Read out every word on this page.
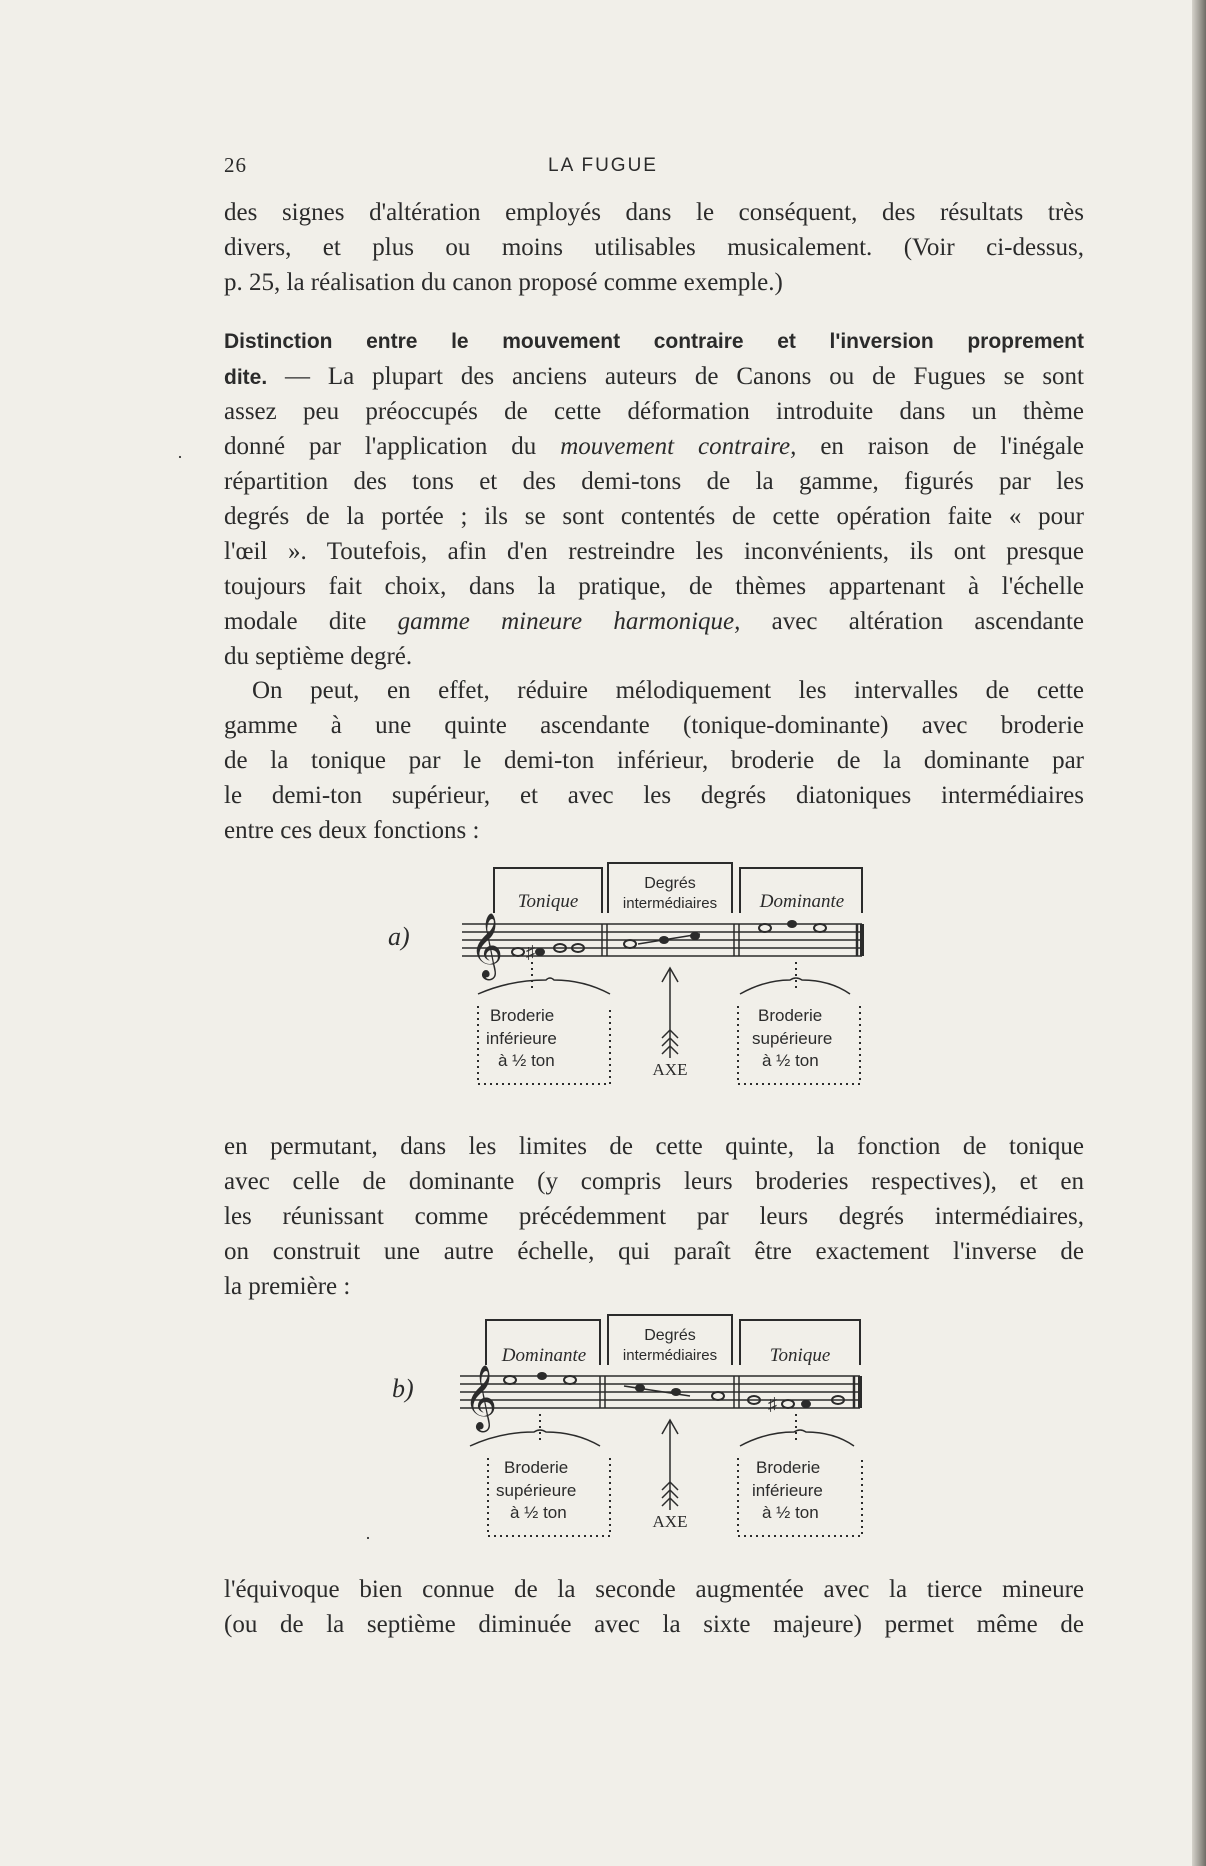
26	LA FUGUE
des signes d'altération employés dans le conséquent, des résultats très
divers, et plus ou moins utilisables musicalement. (Voir ci-dessus,
p. 25, la réalisation du canon proposé comme exemple.)
Distinction entre le mouvement contraire et l'inversion proprement
dite. — La plupart des anciens auteurs de Canons ou de Fugues se sont
assez peu préoccupés de cette déformation introduite dans un thème
· donné par l'application du mouvement contraire, en raison de l'inégale
répartition des tons et des demi-tons de la gamme, figurés par les
degrés de la portée ; ils se sont contentés de cette opération faite « pour
l'œil ». Toutefois, afin d'en restreindre les inconvénients, ils ont presque
toujours fait choix, dans la pratique, de thèmes appartenant à l'échelle
modale dite gamme mineure harmonique, avec altération ascendante
du septième degré.
On peut, en effet, réduire mélodiquement les intervalles de cette
gamme à une quinte ascendante (tonique-dominante) avec broderie
de la tonique par le demi-ton inférieur, broderie de la dominante par
le demi-ton supérieur, et avec les degrés diatoniques intermédiaires
entre ces deux fonctions :
a)
Tonique
Degrés
intermédiaires Dominante
𝄞 ♯
Broderie
inférieure
à ½ ton	AXE
Broderie
supérieure
à ½ ton
en permutant, dans les limites de cette quinte, la fonction de tonique
avec celle de dominante (y compris leurs broderies respectives), et en
les réunissant comme précédemment par leurs degrés intermédiaires,
on construit une autre échelle, qui paraît être exactement l'inverse de
la première :
b)
·
Dominante
Degrés
intermédiaires	Tonique
𝄞	♯
Broderie
supérieure
à ½ ton	AXE
Broderie
inférieure
à ½ ton
l'équivoque bien connue de la seconde augmentée avec la tierce mineure
(ou de la septième diminuée avec la sixte majeure) permet même de
